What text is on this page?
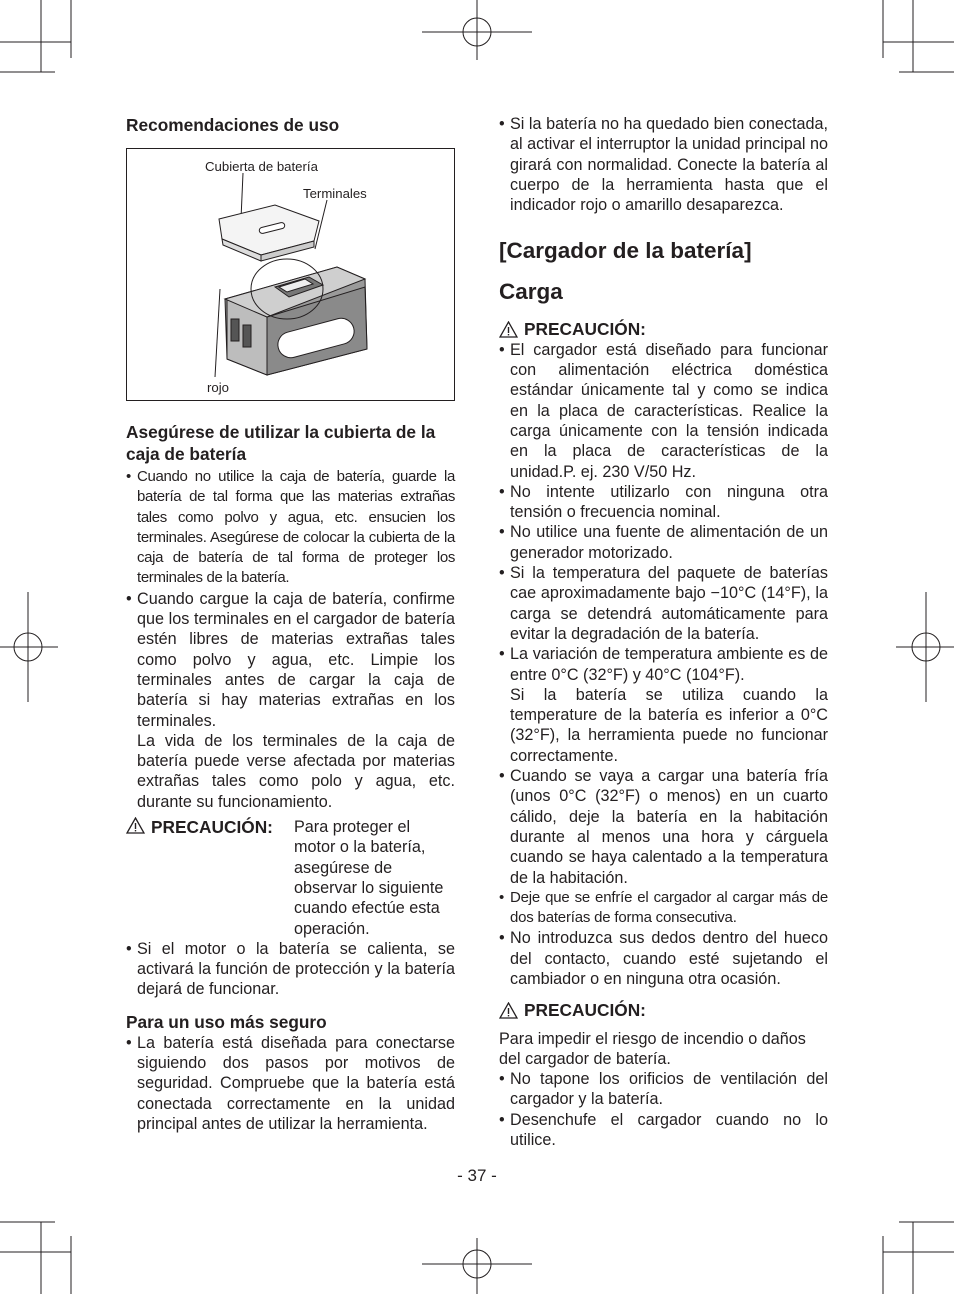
Recomendaciones de uso
Cubierta de batería
Terminales
rojo
Asegúrese de utilizar la cubierta de la caja de batería
• Cuando no utilice la caja de batería, guarde la batería de tal forma que las materias extrañas tales como polvo y agua, etc. ensucien los terminales. Asegúrese de colocar la cubierta de la caja de batería de tal forma de proteger los terminales de la batería.
• Cuando cargue la caja de batería, confirme que los terminales en el cargador de batería estén libres de materias extrañas tales como polvo y agua, etc. Limpie los terminales antes de cargar la caja de batería si hay materias extrañas en los terminales.

La vida de los terminales de la caja de batería puede verse afectada por materias extrañas tales como polo y agua, etc. durante su funcionamiento.

PRECAUCIÓN: Para proteger el motor o la batería, asegúrese de observar lo siguiente cuando efectúe esta operación.
• Si el motor o la batería se calienta, se activará la función de protección y la batería dejará de funcionar.
Para un uso más seguro
• La batería está diseñada para conectarse siguiendo dos pasos por motivos de seguridad. Compruebe que la batería está conectada correctamente en la unidad principal antes de utilizar la herramienta.
• Si la batería no ha quedado bien conectada, al activar el interruptor la unidad principal no girará con normalidad. Conecte la batería al cuerpo de la herramienta hasta que el indicador rojo o amarillo desaparezca.
[Cargador de la batería]
Carga
PRECAUCIÓN:
• El cargador está diseñado para funcionar con alimentación eléctrica doméstica estándar únicamente tal y como se indica en la placa de características. Realice la carga únicamente con la tensión indicada en la placa de características de la unidad.P. ej. 230 V/50 Hz.
• No intente utilizarlo con ninguna otra tensión o frecuencia nominal.
• No utilice una fuente de alimentación de un generador motorizado.
• Si la temperatura del paquete de baterías cae aproximadamente bajo −10°C (14°F), la carga se detendrá automáticamente para evitar la degradación de la batería.
• La variación de temperatura ambiente es de entre 0°C (32°F) y 40°C (104°F).

Si la batería se utiliza cuando la temperature de la batería es inferior a 0°C (32°F), la herramienta puede no funcionar correctamente.

• Cuando se vaya a cargar una batería fría (unos 0°C (32°F) o menos) en un cuarto cálido, deje la batería en la habitación durante al menos una hora y cárguela cuando se haya calentado a la temperatura de la habitación.
• Deje que se enfríe el cargador al cargar más de dos baterías de forma consecutiva.
• No introduzca sus dedos dentro del hueco del contacto, cuando esté sujetando el cambiador o en ninguna otra ocasión.
PRECAUCIÓN:

Para impedir el riesgo de incendio o daños del cargador de batería.

• No tapone los orificios de ventilación del cargador y la batería.
• Desenchufe el cargador cuando no lo utilice.
- 37 -
